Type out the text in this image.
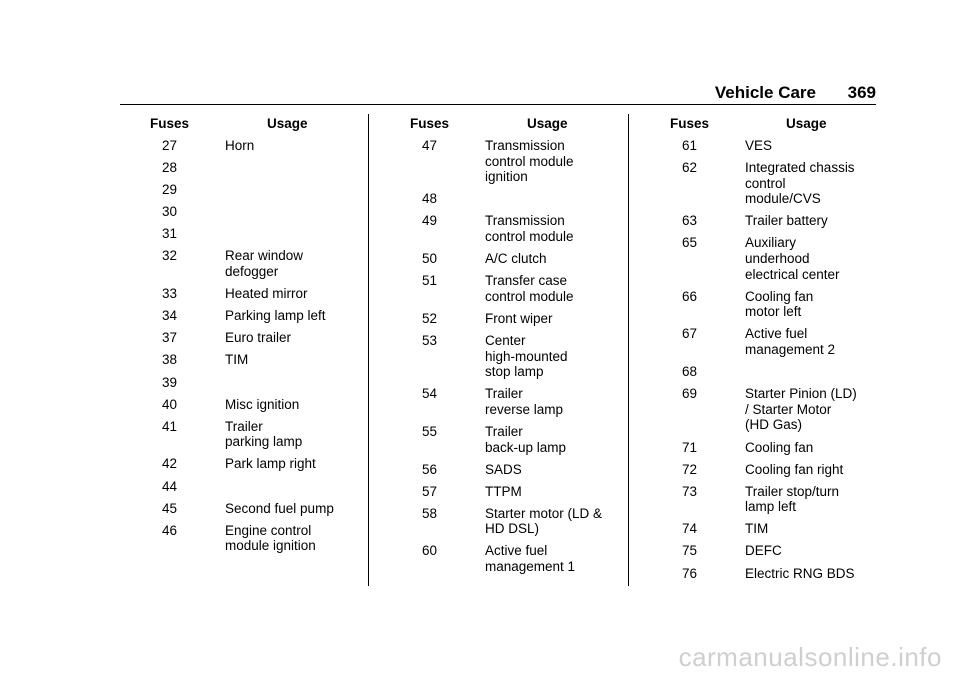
Vehicle Care 369
Fuses	Usage
27	Horn
28
29
30
31
32	Rear window
defogger
33	Heated mirror
34	Parking lamp left
37	Euro trailer
38	TIM
39
40	Misc ignition
41	Trailer
parking lamp
42	Park lamp right
44
45	Second fuel pump
46	Engine control
module ignition
Fuses	Usage
47	Transmission
control module
ignition
48
49	Transmission
control module
50	A/C clutch
51	Transfer case
control module
52	Front wiper
53	Center
high-mounted
stop lamp
54	Trailer
reverse lamp
55	Trailer
back-up lamp
56	SADS
57	TTPM
58	Starter motor (LD &
HD DSL)
60	Active fuel
management 1
Fuses	Usage
61	VES
62	Integrated chassis
control
module/CVS
63	Trailer battery
65	Auxiliary
underhood
electrical center
66	Cooling fan
motor left
67	Active fuel
management 2
68
69	Starter Pinion (LD)
/ Starter Motor
(HD Gas)
71	Cooling fan
72	Cooling fan right
73	Trailer stop/turn
lamp left
74	TIM
75	DEFC
76	Electric RNG BDS
carmanualsonline.info
